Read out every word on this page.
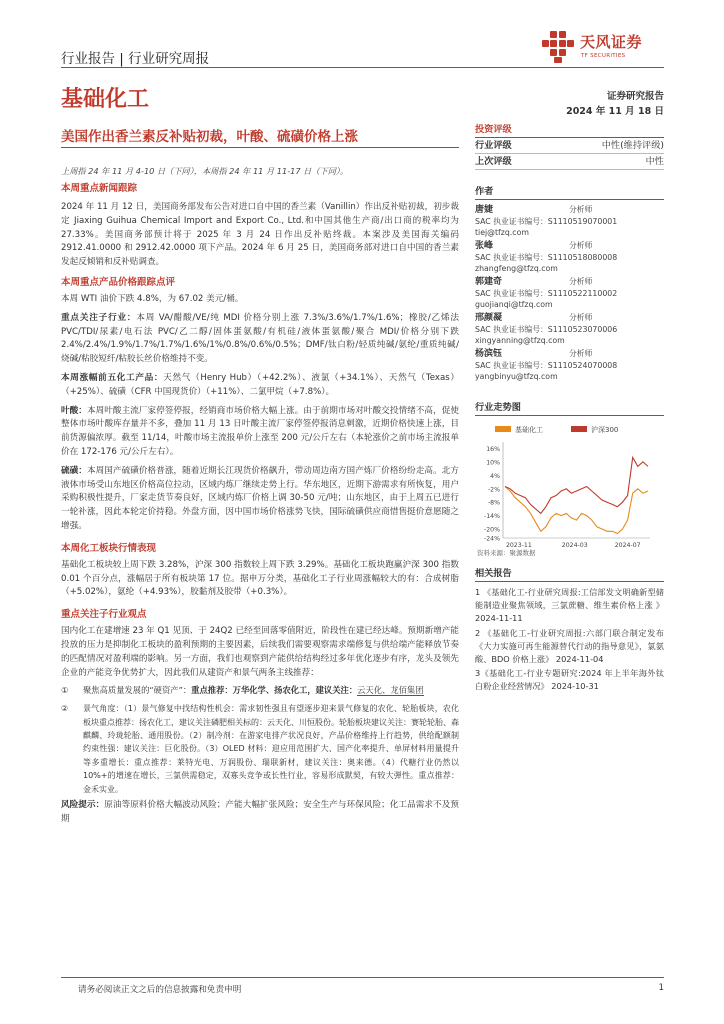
行业报告 | 行业研究周报
基础化工
天风证券
TF SECURITIES
证券研究报告
2024 年 11 月 18 日
美国作出香兰素反补贴初裁，叶酸、硫磺价格上涨
上周指 24 年 11 月 4-10 日（下同），本周指 24 年 11 月 11-17 日（下同）。
本周重点新闻跟踪
2024 年 11 月 12 日，美国商务部发布公告对进口自中国的香兰素（Vanillin）作出反补贴初裁，初步裁定 Jiaxing Guihua Chemical Import and Export Co., Ltd.和中国其他生产商/出口商的税率均为 27.33%。美国商务部预计将于 2025 年 3 月 24 日作出反补贴终裁。本案涉及美国海关编码 2912.41.0000 和 2912.42.0000 项下产品。2024 年 6 月 25 日，美国商务部对进口自中国的香兰素发起反倾销和反补贴调查。
本周重点产品价格跟踪点评
本周 WTI 油价下跌 4.8%，为 67.02 美元/桶。
重点关注子行业：本周 VA/醋酸/VE/纯 MDI 价格分别上涨 7.3%/3.6%/1.7%/1.6%；橡胶/乙烯法 PVC/TDI/尿素/电石法 PVC/乙二醇/固体蛋氨酸/有机硅/液体蛋氨酸/聚合 MDI/价格分别下跌 2.4%/2.4%/1.9%/1.7%/1.7%/1.6%/1%/0.8%/0.6%/0.5%；DMF/钛白粉/轻质纯碱/氨纶/重质纯碱/烧碱/粘胶短纤/粘胶长丝价格维持不变。
本周涨幅前五化工产品：天然气（Henry Hub）（+42.2%）、液氯（+34.1%）、天然气（Texas）（+25%）、硫磺（CFR 中国现货价）（+11%）、二氯甲烷（+7.8%）。
叶酸：本周叶酸主流厂家停签停报，经销商市场价格大幅上涨。由于前期市场对叶酸交投情绪不高，促使整体市场叶酸库存量并不多，叠加 11 月 13 日叶酸主流厂家停签停报消息刺激，近期价格快速上涨，目前货源偏浓厚。截至 11/14，叶酸市场主流报单价上涨至 200 元/公斤左右（本轮涨价之前市场主流报单价在 172-176 元/公斤左右）。
硫磺：本周国产硫磺价格普涨，随着近期长江现货价格飙升，带动周边南方国产炼厂价格纷纷走高。北方液体市场受山东地区价格高位拉动，区域内炼厂继续走势上行。华东地区，近期下游需求有所恢复，用户采购积极性提升，厂家走货节奏良好，区域内炼厂价格上调 30-50 元/吨；山东地区，由于上周五已进行一轮补涨，因此本轮定价持稳。外盘方面，因中国市场价格涨势飞快，国际硫磺供应商惜售挺价意愿随之增强。
本周化工板块行情表现
基础化工板块较上周下跌 3.28%，沪深 300 指数较上周下跌 3.29%。基础化工板块跑赢沪深 300 指数 0.01 个百分点，涨幅居于所有板块第 17 位。据申万分类，基础化工子行业周涨幅较大的有：合成树脂（+5.02%），氨纶（+4.93%），胶黏剂及胶带（+0.3%）。
重点关注子行业观点
国内化工在建增速 23 年 Q1 见顶、于 24Q2 已经至回落零值附近，阶段性在建已经达峰。预期新增产能投放的压力是抑制化工板块的盈利预期的主要因素，后续我们需要观察需求端修复与供给端产能释放节奏的匹配情况对盈利端的影响。另一方面，我们也观察到产能供给结构经过多年优化逐步有序，龙头及领先企业的产能竞争优势扩大，因此我们从建资产和景气两条主线推荐：
① 聚焦高质量发展的“硬资产”：重点推荐：万华化学、扬农化工，建议关注：云天化、龙佰集团
② 景气角度：（1）景气修复中找结构性机会：需求韧性强且有望逐步迎来景气修复的农化、轮胎板块，农化板块重点推荐：扬农化工，建议关注磷肥相关标的：云天化、川恒股份。轮胎板块建议关注：赛轮轮胎、森麒麟、玲珑轮胎、通用股份。（2）制冷剂：在游家电排产状况良好，产品价格维持上行趋势，供给配额制约束性强：建议关注：巨化股份。（3）OLED 材料：迎应用范围扩大、国产化率提升、单屏材料用量提升等多重增长：重点推荐：莱特光电、万润股份、瑞联新材，建议关注：奥来德。（4）代糖行业仍然以 10%+的增速在增长，三氯供需稳定，双寡头竞争或长性行业，容易形成默契，有较大弹性。重点推荐：金禾实业。
风险提示：原油等原料价格大幅波动风险；产能大幅扩张风险；安全生产与环保风险；化工品需求不及预期
投资评级
行业评级	中性(维持评级)
上次评级	中性
作者
唐婕	分析师
SAC 执业证书编号：S1110519070001
tiej@tfzq.com
张峰	分析师
SAC 执业证书编号：S1110518080008
zhangfeng@tfzq.com
郭建奇	分析师
SAC 执业证书编号：S1110522110002
guojianqi@tfzq.com
邢颜凝	分析师
SAC 执业证书编号：S1110523070006
xingyanning@tfzq.com
杨滨钰	分析师
SAC 执业证书编号：S1110524070008
yangbinyu@tfzq.com
行业走势图
基础化工	沪深300
16%
10%
4%
-2%
-8%
-14%
-20%
-24%
2023-11	2024-03	2024-07
资料来源：聚源数据
相关报告
1 《基础化工-行业研究周报:工信部发文明确新型储能制造业聚焦领域，三氯蔗糖、维生素价格上涨 》 2024-11-11
2 《基础化工-行业研究周报:六部门联合制定发布《大力实施可再生能源替代行动的指导意见》，氯氨酸、BDO 价格上涨》 2024-11-04
3《基础化工-行业专题研究:2024 年上半年海外钛白粉企业经营情况》 2024-10-31
请务必阅读正文之后的信息披露和免责申明	1
